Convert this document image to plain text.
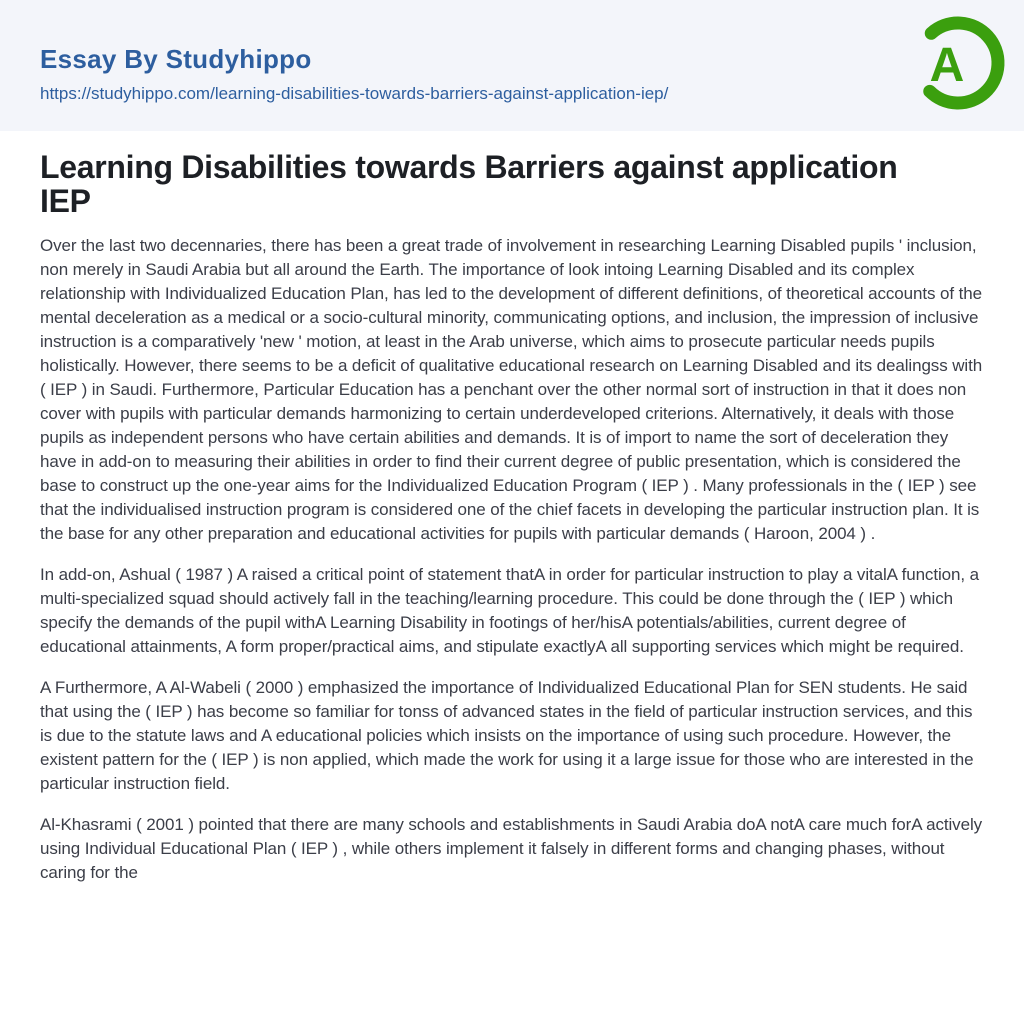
Essay By Studyhippo
https://studyhippo.com/learning-disabilities-towards-barriers-against-application-iep/
A
Learning Disabilities towards Barriers against application IEP

Over the last two decennaries, there has been a great trade of involvement in researching Learning Disabled pupils ' inclusion, non merely in Saudi Arabia but all around the Earth. The importance of look intoing Learning Disabled and its complex relationship with Individualized Education Plan, has led to the development of different definitions, of theoretical accounts of the mental deceleration as a medical or a socio-cultural minority, communicating options, and inclusion, the impression of inclusive instruction is a comparatively 'new ' motion, at least in the Arab universe, which aims to prosecute particular needs pupils holistically. However, there seems to be a deficit of qualitative educational research on Learning Disabled and its dealingss with ( IEP ) in Saudi. Furthermore, Particular Education has a penchant over the other normal sort of instruction in that it does non cover with pupils with particular demands harmonizing to certain underdeveloped criterions. Alternatively, it deals with those pupils as independent persons who have certain abilities and demands. It is of import to name the sort of deceleration they have in add-on to measuring their abilities in order to find their current degree of public presentation, which is considered the base to construct up the one-year aims for the Individualized Education Program ( IEP ) . Many professionals in the ( IEP ) see that the individualised instruction program is considered one of the chief facets in developing the particular instruction plan. It is the base for any other preparation and educational activities for pupils with particular demands ( Haroon, 2004 ) .

In add-on, Ashual ( 1987 ) A raised a critical point of statement thatA in order for particular instruction to play a vitalA function, a multi-specialized squad should actively fall in the teaching/learning procedure. This could be done through the ( IEP ) which specify the demands of the pupil withA Learning Disability in footings of her/hisA potentials/abilities, current degree of educational attainments, A form proper/practical aims, and stipulate exactlyA all supporting services which might be required.

A Furthermore, A Al-Wabeli ( 2000 ) emphasized the importance of Individualized Educational Plan for SEN students. He said that using the ( IEP ) has become so familiar for tonss of advanced states in the field of particular instruction services, and this is due to the statute laws and A educational policies which insists on the importance of using such procedure. However, the existent pattern for the ( IEP ) is non applied, which made the work for using it a large issue for those who are interested in the particular instruction field.

Al-Khasrami ( 2001 ) pointed that there are many schools and establishments in Saudi Arabia doA notA care much forA actively using Individual Educational Plan ( IEP ) , while others implement it falsely in different forms and changing phases, without caring for the
